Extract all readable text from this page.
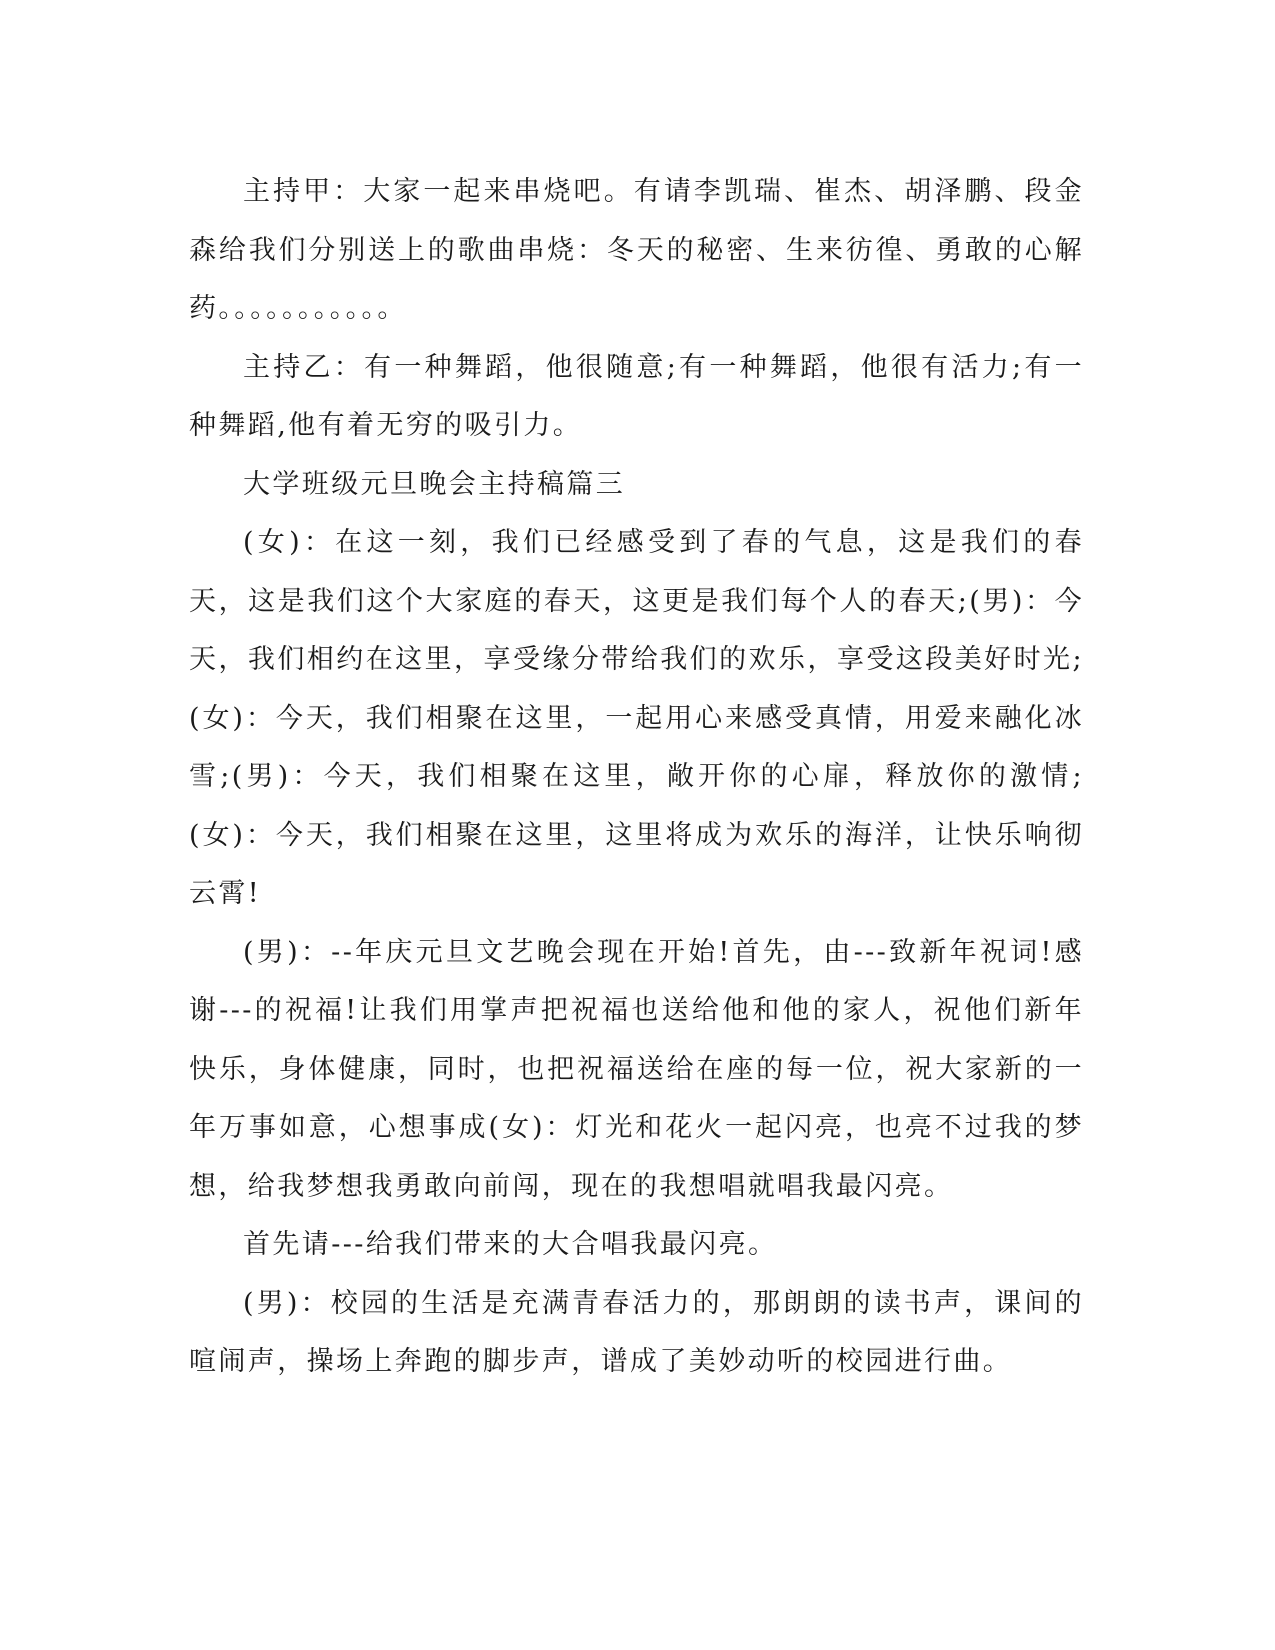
主持甲：大家一起来串烧吧。有请李凯瑞、崔杰、胡泽鹏、段金森给我们分别送上的歌曲串烧：冬天的秘密、生来彷徨、勇敢的心解药。。。。。。。。。。。

主持乙：有一种舞蹈，他很随意;有一种舞蹈，他很有活力;有一种舞蹈,他有着无穷的吸引力。

大学班级元旦晚会主持稿篇三

(女)：在这一刻，我们已经感受到了春的气息，这是我们的春天，这是我们这个大家庭的春天，这更是我们每个人的春天;(男)：今天，我们相约在这里，享受缘分带给我们的欢乐，享受这段美好时光;(女)：今天，我们相聚在这里，一起用心来感受真情，用爱来融化冰雪;(男)：今天，我们相聚在这里，敞开你的心扉，释放你的激情;(女)：今天，我们相聚在这里，这里将成为欢乐的海洋，让快乐响彻云霄!

(男)：--年庆元旦文艺晚会现在开始!首先，由---致新年祝词!感谢---的祝福!让我们用掌声把祝福也送给他和他的家人，祝他们新年快乐，身体健康，同时，也把祝福送给在座的每一位，祝大家新的一年万事如意，心想事成(女)：灯光和花火一起闪亮，也亮不过我的梦想，给我梦想我勇敢向前闯，现在的我想唱就唱我最闪亮。

首先请---给我们带来的大合唱我最闪亮。

(男)：校园的生活是充满青春活力的，那朗朗的读书声，课间的喧闹声，操场上奔跑的脚步声，谱成了美妙动听的校园进行曲。
